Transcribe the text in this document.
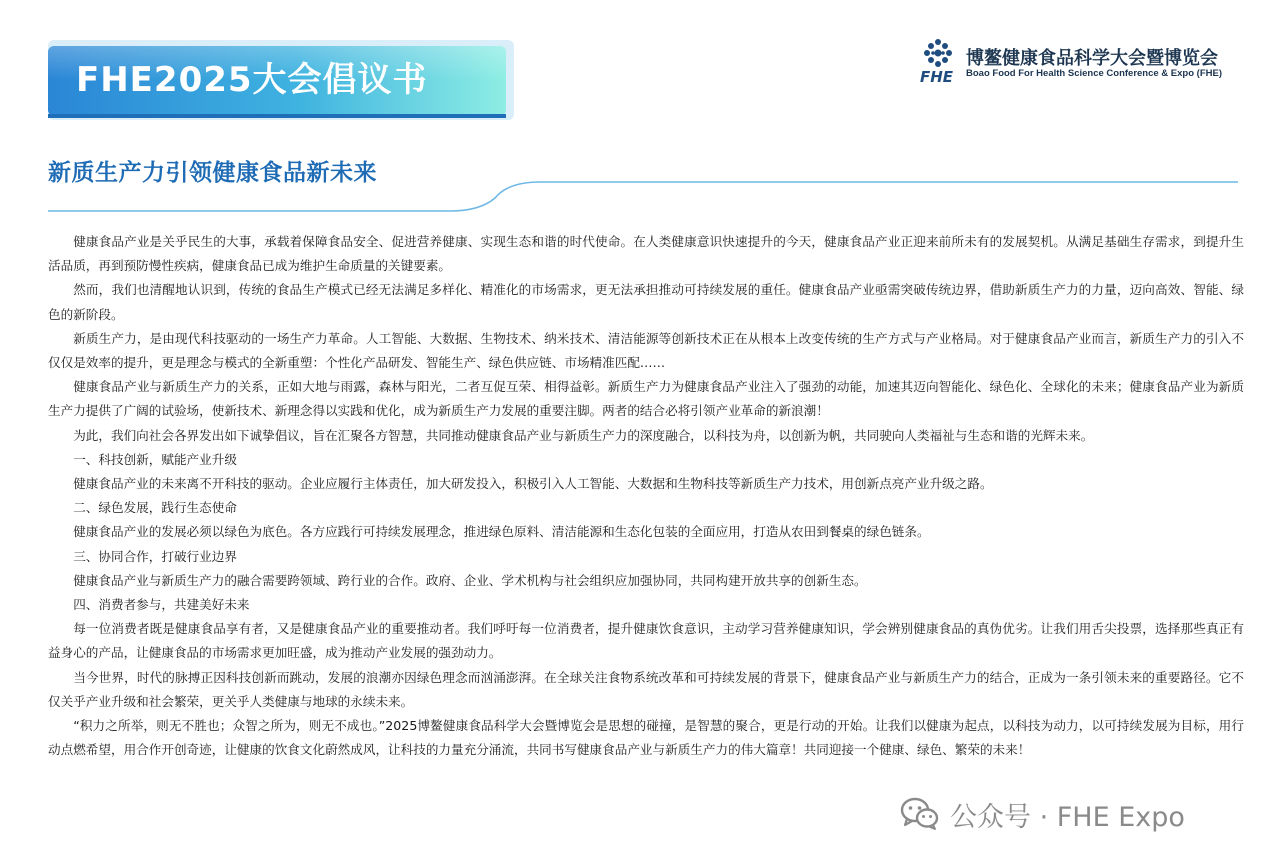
FHE2025大会倡议书	FHE
博鳌健康食品科学大会暨博览会
Boao Food For Health Science Conference & Expo (FHE)
新质生产力引领健康食品新未来

健康食品产业是关乎民生的大事，承载着保障食品安全、促进营养健康、实现生态和谐的时代使命。在人类健康意识快速提升的今天，健康食品产业正迎来前所未有的发展契机。从满足基础生存需求，到提升生活品质，再到预防慢性疾病，健康食品已成为维护生命质量的关键要素。

然而，我们也清醒地认识到，传统的食品生产模式已经无法满足多样化、精准化的市场需求，更无法承担推动可持续发展的重任。健康食品产业亟需突破传统边界，借助新质生产力的力量，迈向高效、智能、绿色的新阶段。

新质生产力，是由现代科技驱动的一场生产力革命。人工智能、大数据、生物技术、纳米技术、清洁能源等创新技术正在从根本上改变传统的生产方式与产业格局。对于健康食品产业而言，新质生产力的引入不仅仅是效率的提升，更是理念与模式的全新重塑：个性化产品研发、智能生产、绿色供应链、市场精准匹配……

健康食品产业与新质生产力的关系，正如大地与雨露，森林与阳光，二者互促互荣、相得益彰。新质生产力为健康食品产业注入了强劲的动能，加速其迈向智能化、绿色化、全球化的未来；健康食品产业为新质生产力提供了广阔的试验场，使新技术、新理念得以实践和优化，成为新质生产力发展的重要注脚。两者的结合必将引领产业革命的新浪潮！

为此，我们向社会各界发出如下诚挚倡议，旨在汇聚各方智慧，共同推动健康食品产业与新质生产力的深度融合，以科技为舟，以创新为帆，共同驶向人类福祉与生态和谐的光辉未来。

一、科技创新，赋能产业升级

健康食品产业的未来离不开科技的驱动。企业应履行主体责任，加大研发投入，积极引入人工智能、大数据和生物科技等新质生产力技术，用创新点亮产业升级之路。

二、绿色发展，践行生态使命

健康食品产业的发展必须以绿色为底色。各方应践行可持续发展理念，推进绿色原料、清洁能源和生态化包装的全面应用，打造从农田到餐桌的绿色链条。

三、协同合作，打破行业边界

健康食品产业与新质生产力的融合需要跨领域、跨行业的合作。政府、企业、学术机构与社会组织应加强协同，共同构建开放共享的创新生态。

四、消费者参与，共建美好未来

每一位消费者既是健康食品享有者，又是健康食品产业的重要推动者。我们呼吁每一位消费者，提升健康饮食意识，主动学习营养健康知识，学会辨别健康食品的真伪优劣。让我们用舌尖投票，选择那些真正有益身心的产品，让健康食品的市场需求更加旺盛，成为推动产业发展的强劲动力。

当今世界，时代的脉搏正因科技创新而跳动，发展的浪潮亦因绿色理念而汹涌澎湃。在全球关注食物系统改革和可持续发展的背景下，健康食品产业与新质生产力的结合，正成为一条引领未来的重要路径。它不仅关乎产业升级和社会繁荣，更关乎人类健康与地球的永续未来。

“积力之所举，则无不胜也；众智之所为，则无不成也。”2025博鳌健康食品科学大会暨博览会是思想的碰撞，是智慧的聚合，更是行动的开始。让我们以健康为起点，以科技为动力，以可持续发展为目标，用行动点燃希望，用合作开创奇迹，让健康的饮食文化蔚然成风，让科技的力量充分涌流，共同书写健康食品产业与新质生产力的伟大篇章！共同迎接一个健康、绿色、繁荣的未来！

公众号 · FHE Expo
